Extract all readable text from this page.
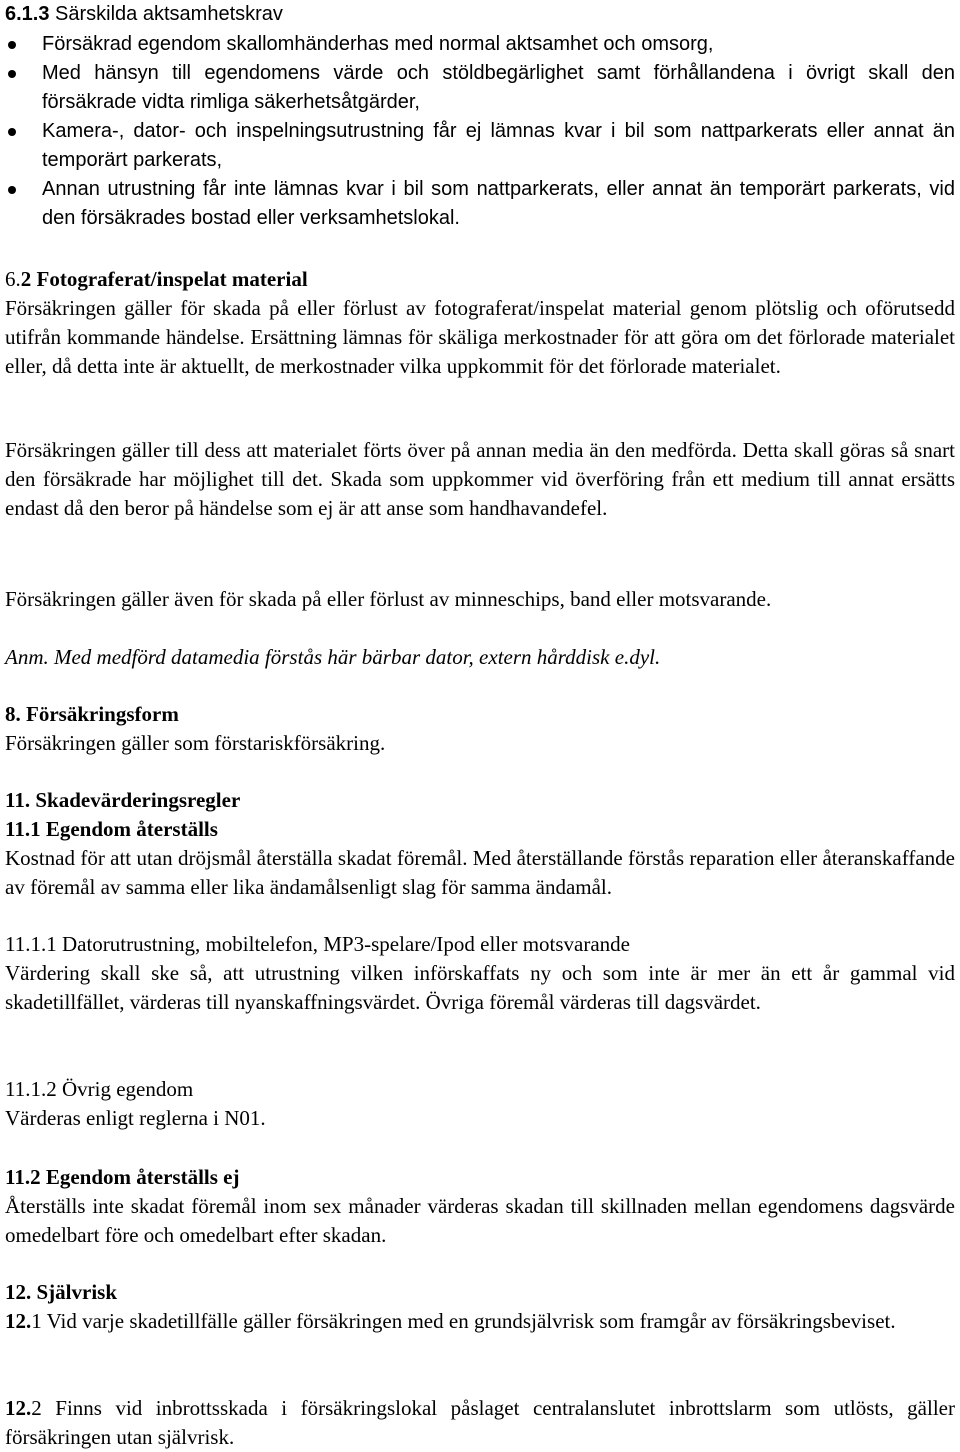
6.1.3 Särskilda aktsamhetskrav
Försäkrad egendom skallomhänderhas med normal aktsamhet och omsorg,
Med hänsyn till egendomens värde och stöldbegärlighet samt förhållandena i övrigt skall den försäkrade vidta rimliga säkerhetsåtgärder,
Kamera-, dator- och inspelningsutrustning får ej lämnas kvar i bil som nattparkerats eller annat än temporärt parkerats,
Annan utrustning får inte lämnas kvar i bil som nattparkerats, eller annat än temporärt parkerats, vid den försäkrades bostad eller verksamhetslokal.
6.2 Fotograferat/inspelat material

Försäkringen gäller för skada på eller förlust av fotograferat/inspelat material genom plötslig och oförutsedd utifrån kommande händelse. Ersättning lämnas för skäliga merkostnader för att göra om det förlorade materialet eller, då detta inte är aktuellt, de merkostnader vilka uppkommit för det förlorade materialet.

Försäkringen gäller till dess att materialet förts över på annan media än den medförda. Detta skall göras så snart den försäkrade har möjlighet till det. Skada som uppkommer vid överföring från ett medium till annat ersätts endast då den beror på händelse som ej är att anse som handhavandefel.

Försäkringen gäller även för skada på eller förlust av minneschips, band eller motsvarande.

Anm. Med medförd datamedia förstås här bärbar dator, extern hårddisk e.dyl.

8. Försäkringsform

Försäkringen gäller som förstariskförsäkring.

11. Skadevärderingsregler
11.1 Egendom återställs

Kostnad för att utan dröjsmål återställa skadat föremål. Med återställande förstås reparation eller återanskaffande av föremål av samma eller lika ändamålsenligt slag för samma ändamål.

11.1.1 Datorutrustning, mobiltelefon, MP3-spelare/Ipod eller motsvarande

Värdering skall ske så, att utrustning vilken införskaffats ny och som inte är mer än ett år gammal vid skadetillfället, värderas till nyanskaffningsvärdet. Övriga föremål värderas till dagsvärdet.

11.1.2 Övrig egendom

Värderas enligt reglerna i N01.

11.2 Egendom återställs ej

Återställs inte skadat föremål inom sex månader värderas skadan till skillnaden mellan egendomens dagsvärde omedelbart före och omedelbart efter skadan.

12. Självrisk

12.1 Vid varje skadetillfälle gäller försäkringen med en grundsjälvrisk som framgår av försäkringsbeviset.

12.2 Finns vid inbrottsskada i försäkringslokal påslaget centralanslutet inbrottslarm som utlösts, gäller försäkringen utan självrisk.
